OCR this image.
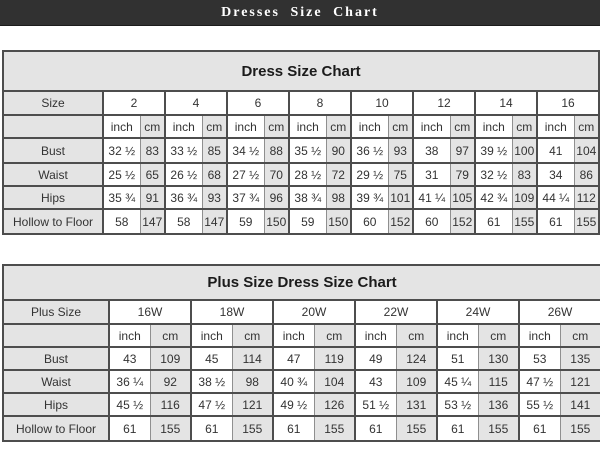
Dresses Size Chart
Dress Size Chart																
Size	2		4		6		8		10		12		14		16	
	inch	cm	inch	cm	inch	cm	inch	cm	inch	cm	inch	cm	inch	cm	inch	cm
Bust	32 ½	83	33 ½	85	34 ½	88	35 ½	90	36 ½	93	38	97	39 ½	100	41	104
Waist	25 ½	65	26 ½	68	27 ½	70	28 ½	72	29 ½	75	31	79	32 ½	83	34	86
Hips	35 ¾	91	36 ¾	93	37 ¾	96	38 ¾	98	39 ¾	101	41 ¼	105	42 ¾	109	44 ¼	112
Hollow to Floor	58	147	58	147	59	150	59	150	60	152	60	152	61	155	61	155
Plus Size Dress Size Chart												
Plus Size	16W		18W		20W		22W		24W		26W	
	inch	cm	inch	cm	inch	cm	inch	cm	inch	cm	inch	cm
Bust	43	109	45	114	47	119	49	124	51	130	53	135
Waist	36 ¼	92	38 ½	98	40 ¾	104	43	109	45 ¼	115	47 ½	121
Hips	45 ½	116	47 ½	121	49 ½	126	51 ½	131	53 ½	136	55 ½	141
Hollow to Floor	61	155	61	155	61	155	61	155	61	155	61	155
